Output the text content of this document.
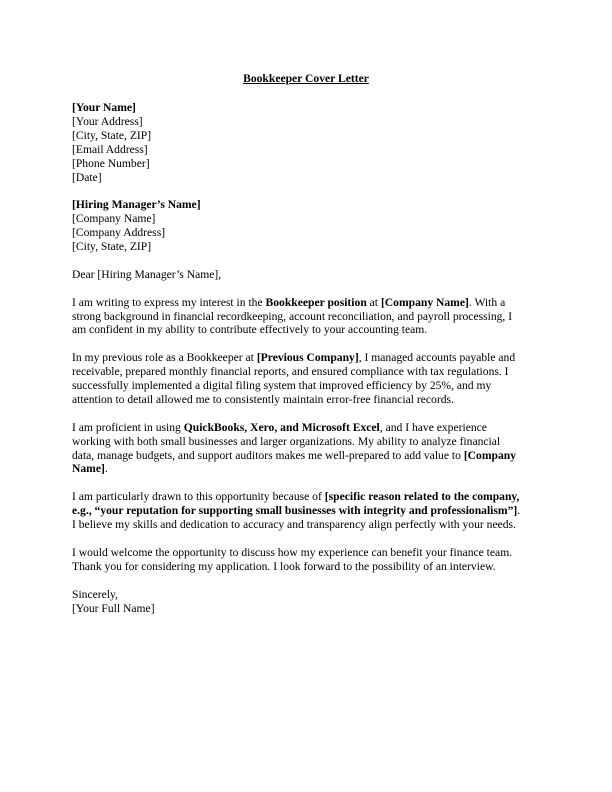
Bookkeeper Cover Letter
[Your Name]
[Your Address]
[City, State, ZIP]
[Email Address]
[Phone Number]
[Date]
[Hiring Manager’s Name]
[Company Name]
[Company Address]
[City, State, ZIP]

Dear [Hiring Manager’s Name],

I am writing to express my interest in the Bookkeeper position at [Company Name]. With a
strong background in financial recordkeeping, account reconciliation, and payroll processing, I
am confident in my ability to contribute effectively to your accounting team.

In my previous role as a Bookkeeper at [Previous Company], I managed accounts payable and
receivable, prepared monthly financial reports, and ensured compliance with tax regulations. I
successfully implemented a digital filing system that improved efficiency by 25%, and my
attention to detail allowed me to consistently maintain error-free financial records.

I am proficient in using QuickBooks, Xero, and Microsoft Excel, and I have experience
working with both small businesses and larger organizations. My ability to analyze financial
data, manage budgets, and support auditors makes me well-prepared to add value to [Company
Name].

I am particularly drawn to this opportunity because of [specific reason related to the company,
e.g., “your reputation for supporting small businesses with integrity and professionalism”].
I believe my skills and dedication to accuracy and transparency align perfectly with your needs.

I would welcome the opportunity to discuss how my experience can benefit your finance team.
Thank you for considering my application. I look forward to the possibility of an interview.

Sincerely,
[Your Full Name]
